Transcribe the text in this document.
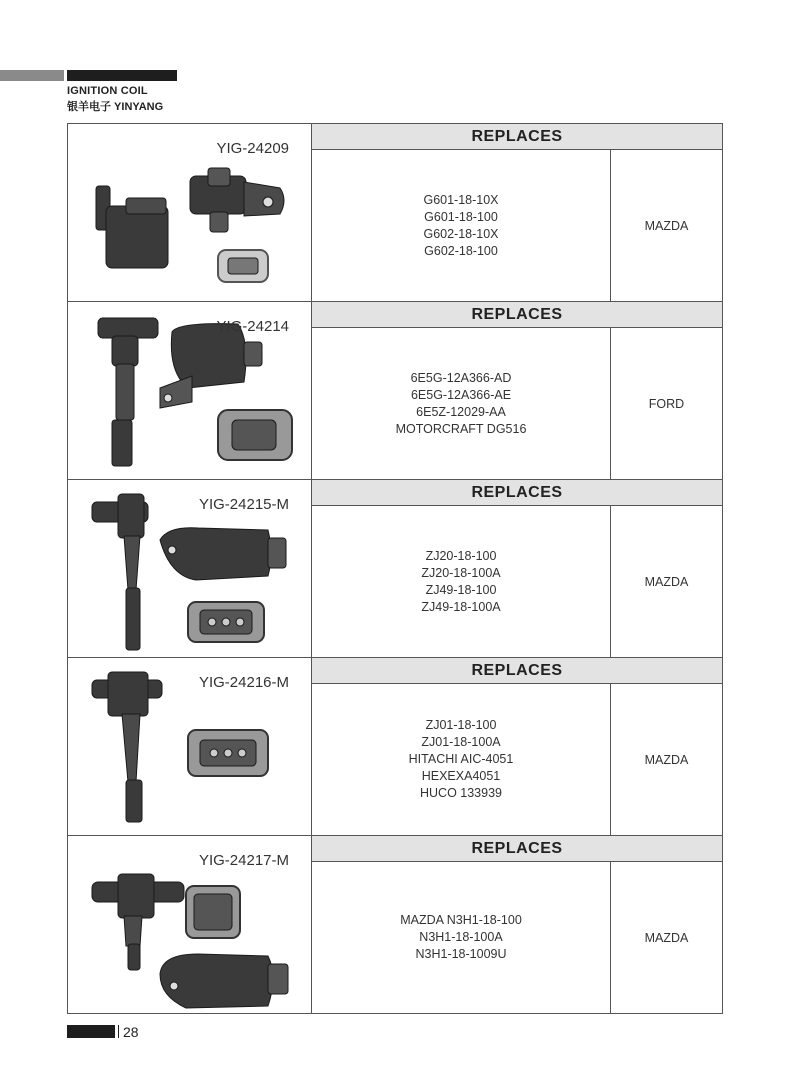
IGNITION COIL
银羊电子 YINYANG
YIG-24209
REPLACES
G601-18-10X
G601-18-100
G602-18-10X
G602-18-100
MAZDA
YIG-24214
REPLACES
6E5G-12A366-AD
6E5G-12A366-AE
6E5Z-12029-AA
MOTORCRAFT DG516
FORD
YIG-24215-M
REPLACES
ZJ20-18-100
ZJ20-18-100A
ZJ49-18-100
ZJ49-18-100A
MAZDA
YIG-24216-M
REPLACES
ZJ01-18-100
ZJ01-18-100A
HITACHI AIC-4051
HEXEXA4051
HUCO 133939
MAZDA
YIG-24217-M
REPLACES
MAZDA N3H1-18-100
N3H1-18-100A
N3H1-18-1009U
MAZDA
28
